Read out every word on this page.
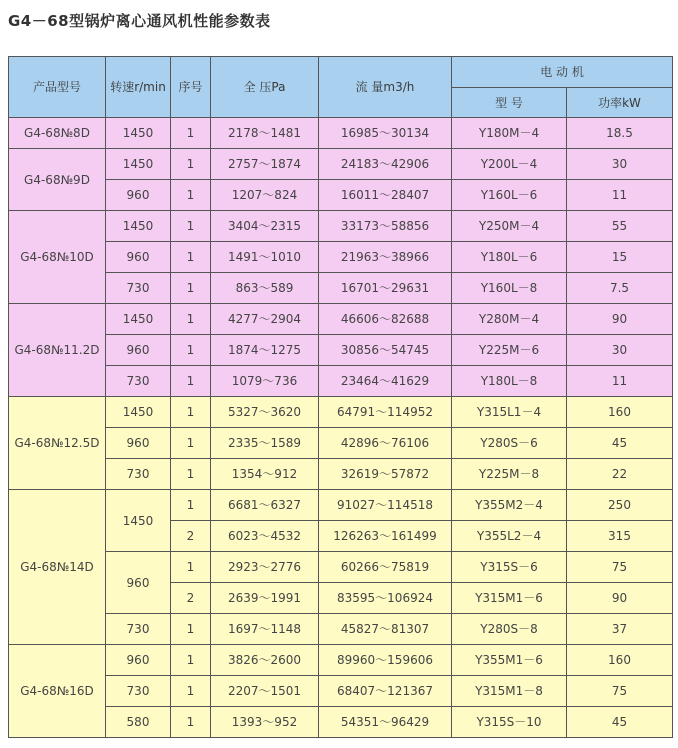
G4－68型锅炉离心通风机性能参数表
产品型号	转速r/min	序号	全 压Pa	流 量m3/h	电 动 机	
					型 号	功率kW
G4-68№8D	1450	1	2178～1481	16985～30134	Y180M－4	18.5
G4-68№9D	1450	1	2757～1874	24183～42906	Y200L－4	30
	960	1	1207～824	16011～28407	Y160L－6	11
G4-68№10D	1450	1	3404～2315	33173～58856	Y250M－4	55
	960	1	1491～1010	21963～38966	Y180L－6	15
	730	1	863～589	16701～29631	Y160L－8	7.5
G4-68№11.2D	1450	1	4277～2904	46606～82688	Y280M－4	90
	960	1	1874～1275	30856～54745	Y225M－6	30
	730	1	1079～736	23464～41629	Y180L－8	11
G4-68№12.5D	1450	1	5327～3620	64791～114952	Y315L1－4	160
	960	1	2335～1589	42896～76106	Y280S－6	45
	730	1	1354～912	32619～57872	Y225M－8	22
G4-68№14D	1450	1	6681～6327	91027～114518	Y355M2－4	250
		2	6023～4532	126263～161499	Y355L2－4	315
	960	1	2923～2776	60266～75819	Y315S－6	75
		2	2639～1991	83595～106924	Y315M1－6	90
	730	1	1697～1148	45827～81307	Y280S－8	37
G4-68№16D	960	1	3826～2600	89960～159606	Y355M1－6	160
	730	1	2207～1501	68407～121367	Y315M1－8	75
	580	1	1393～952	54351～96429	Y315S－10	45
